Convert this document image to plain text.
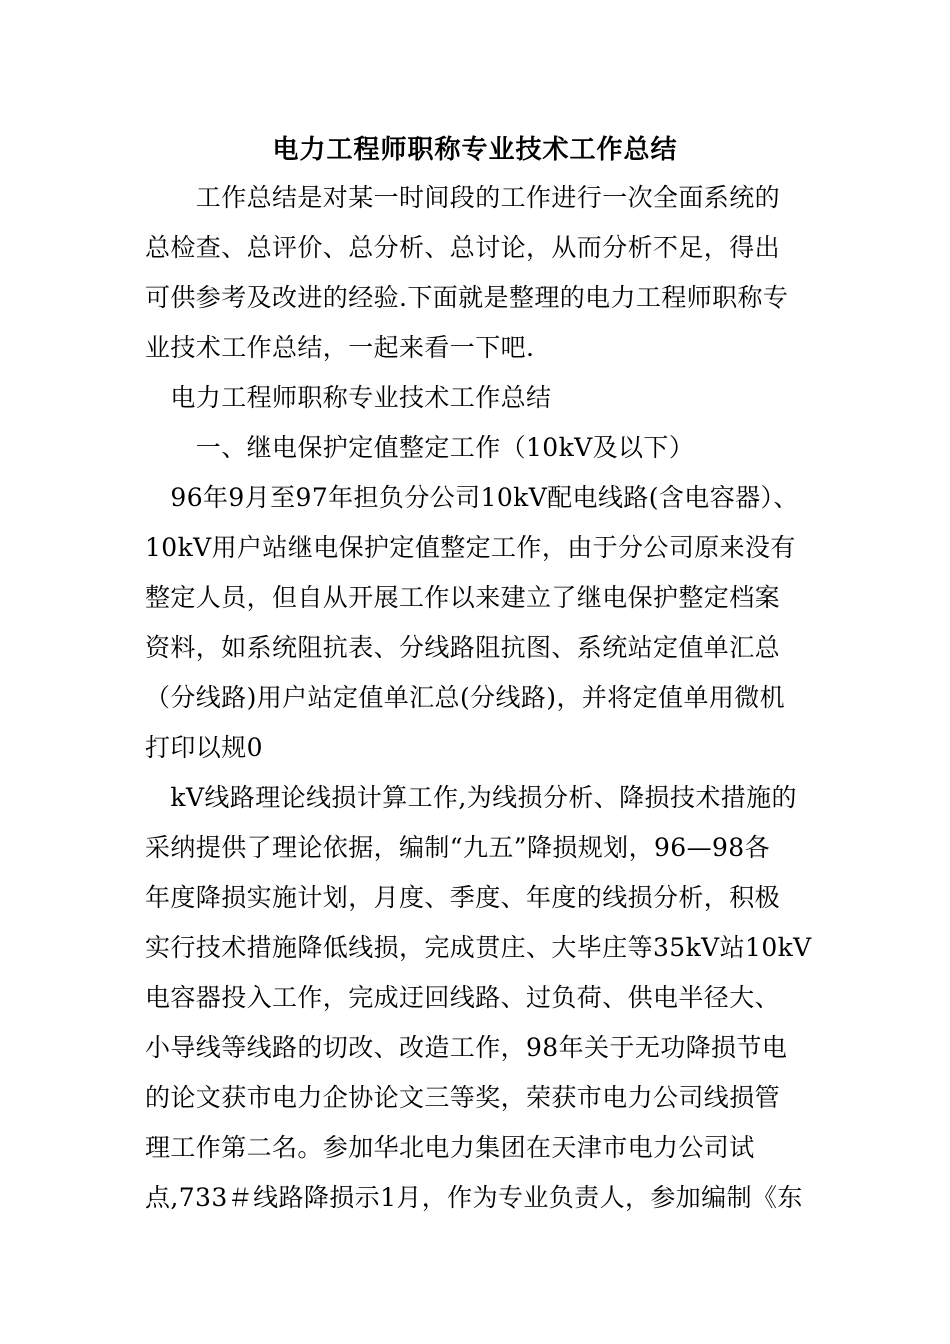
电力工程师职称专业技术工作总结
　　工作总结是对某一时间段的工作进行一次全面系统的
总检查、总评价、总分析、总讨论，从而分析不足，得出
可供参考及改进的经验.下面就是整理的电力工程师职称专
业技术工作总结，一起来看一下吧.
　电力工程师职称专业技术工作总结
　　一、继电保护定值整定工作（10kV及以下）
　96年9月至97年担负分公司10kV配电线路(含电容器）、
10kV用户站继电保护定值整定工作，由于分公司原来没有
整定人员，但自从开展工作以来建立了继电保护整定档案
资料，如系统阻抗表、分线路阻抗图、系统站定值单汇总
（分线路)用户站定值单汇总(分线路)，并将定值单用微机
打印以规0
　kV线路理论线损计算工作,为线损分析、降损技术措施的
采纳提供了理论依据，编制“九五”降损规划，96—98各
年度降损实施计划，月度、季度、年度的线损分析，积极
实行技术措施降低线损，完成贯庄、大毕庄等35kV站10kV
电容器投入工作，完成迂回线路、过负荷、供电半径大、
小导线等线路的切改、改造工作，98年关于无功降损节电
的论文获市电力企协论文三等奖，荣获市电力公司线损管
理工作第二名。参加华北电力集团在天津市电力公司试
点,733＃线路降损示1月，作为专业负责人，参加编制《东
